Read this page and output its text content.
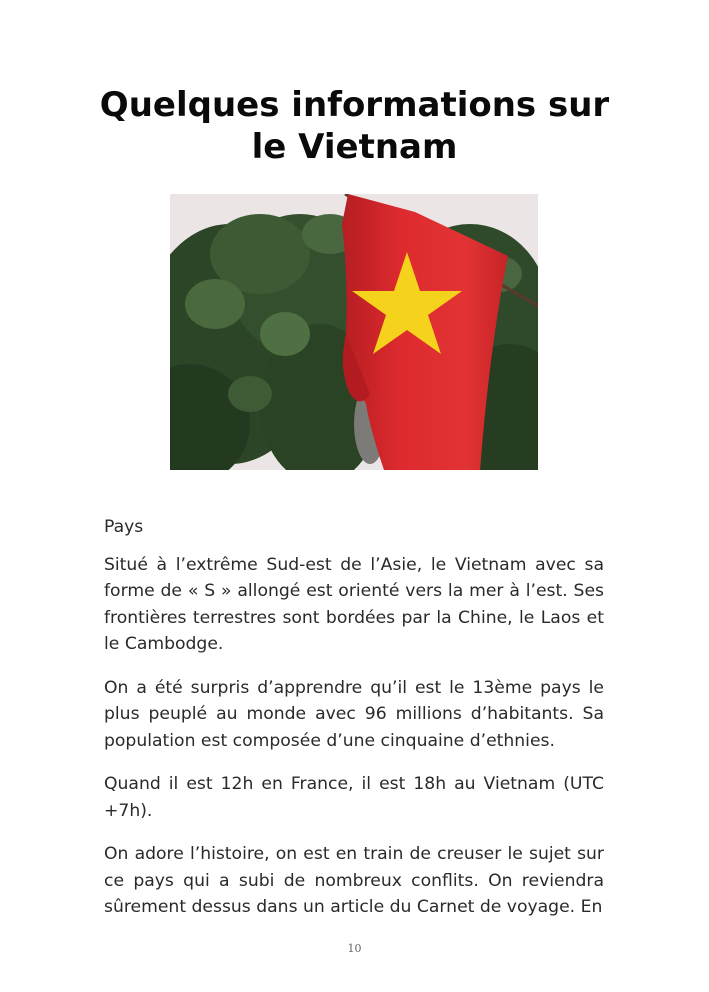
Quelques informations sur le Vietnam

Pays

Situé à l’extrême Sud-est de l’Asie, le Vietnam avec sa forme de « S » allongé est orienté vers la mer à l’est. Ses frontières terrestres sont bordées par la Chine, le Laos et le Cambodge.

On a été surpris d’apprendre qu’il est le 13ème pays le plus peuplé au monde avec 96 millions d’habitants. Sa population est composée d’une cinquaine d’ethnies.

Quand il est 12h en France, il est 18h au Vietnam (UTC +7h).

On adore l’histoire, on est en train de creuser le sujet sur ce pays qui a subi de nombreux conflits. On reviendra sûrement dessus dans un article du Carnet de voyage. En

10
